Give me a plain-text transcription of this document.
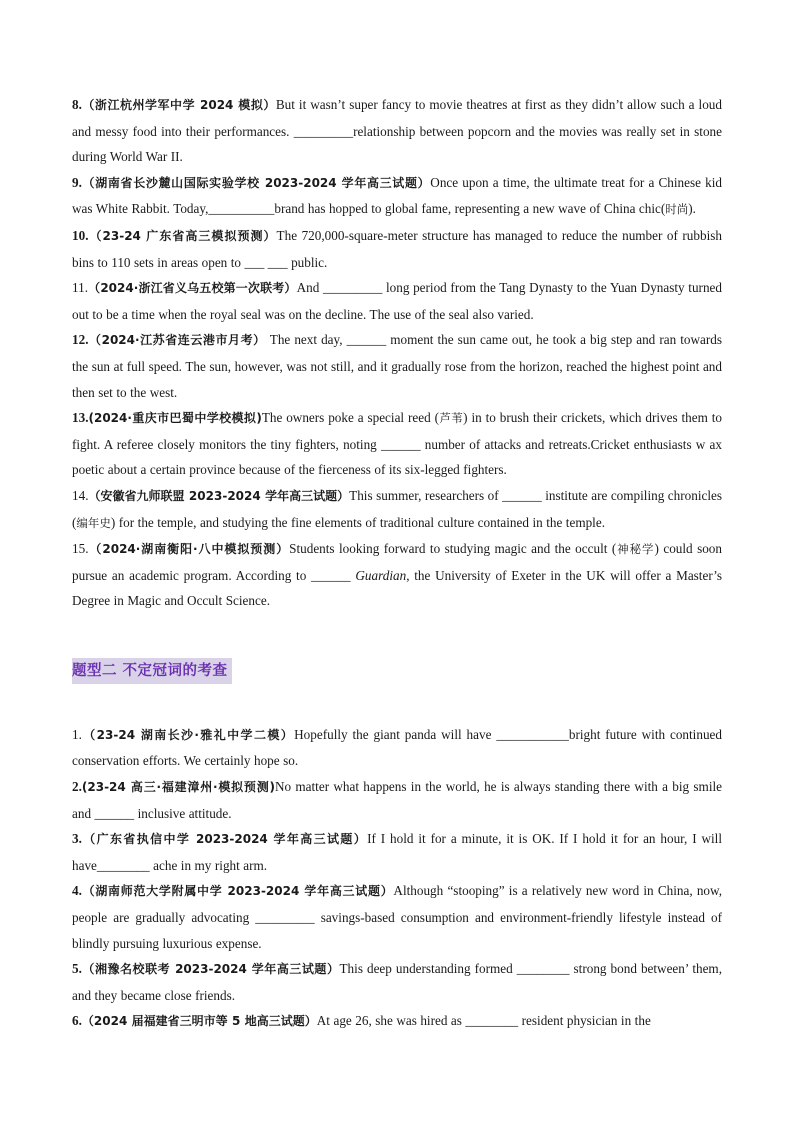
8.（浙江杭州学军中学 2024 模拟）But it wasn’t super fancy to movie theatres at first as they didn’t allow such a loud and messy food into their performances. _________relationship between popcorn and the movies was really set in stone during World War II.

9.（湖南省长沙麓山国际实验学校 2023-2024 学年高三试题）Once upon a time, the ultimate treat for a Chinese kid was White Rabbit. Today,__________brand has hopped to global fame, representing a new wave of China chic(时尚).

10.（23-24 广东省高三模拟预测）The 720,000-square-meter structure has managed to reduce the number of rubbish bins to 110 sets in areas open to ___ ___ public.

11.（2024·浙江省义乌五校第一次联考）And _________ long period from the Tang Dynasty to the Yuan Dynasty turned out to be a time when the royal seal was on the decline. The use of the seal also varied.

12.（2024·江苏省连云港市月考） The next day, ______ moment the sun came out, he took a big step and ran towards the sun at full speed. The sun, however, was not still, and it gradually rose from the horizon, reached the highest point and then set to the west.

13.(2024·重庆市巴蜀中学校模拟)The owners poke a special reed (芦苇) in to brush their crickets, which drives them to fight. A referee closely monitors the tiny fighters, noting ______ number of attacks and retreats.Cricket enthusiasts w ax poetic about a certain province because of the fierceness of its six-legged fighters.

14.（安徽省九师联盟 2023-2024 学年高三试题）This summer, researchers of ______ institute are compiling chronicles (编年史) for the temple, and studying the fine elements of traditional culture contained in the temple.

15.（2024·湖南衡阳·八中模拟预测）Students looking forward to studying magic and the occult (神秘学) could soon pursue an academic program. According to ______ Guardian, the University of Exeter in the UK will offer a Master’s Degree in Magic and Occult Science.

题型二 不定冠词的考查

1.（23-24 湖南长沙·雅礼中学二模）Hopefully the giant panda will have ___________bright future with continued conservation efforts. We certainly hope so.

2.(23-24 高三·福建漳州·模拟预测)No matter what happens in the world, he is always standing there with a big smile and ______ inclusive attitude.

3.（广东省执信中学 2023-2024 学年高三试题）If I hold it for a minute, it is OK. If I hold it for an hour, I will have________ ache in my right arm.

4.（湖南师范大学附属中学 2023-2024 学年高三试题）Although “stooping” is a relatively new word in China, now, people are gradually advocating _________ savings-based consumption and environment-friendly lifestyle instead of blindly pursuing luxurious expense.

5.（湘豫名校联考 2023-2024 学年高三试题）This deep understanding formed ________ strong bond between’ them, and they became close friends.

6.（2024 届福建省三明市等 5 地高三试题）At age 26, she was hired as ________ resident physician in the
